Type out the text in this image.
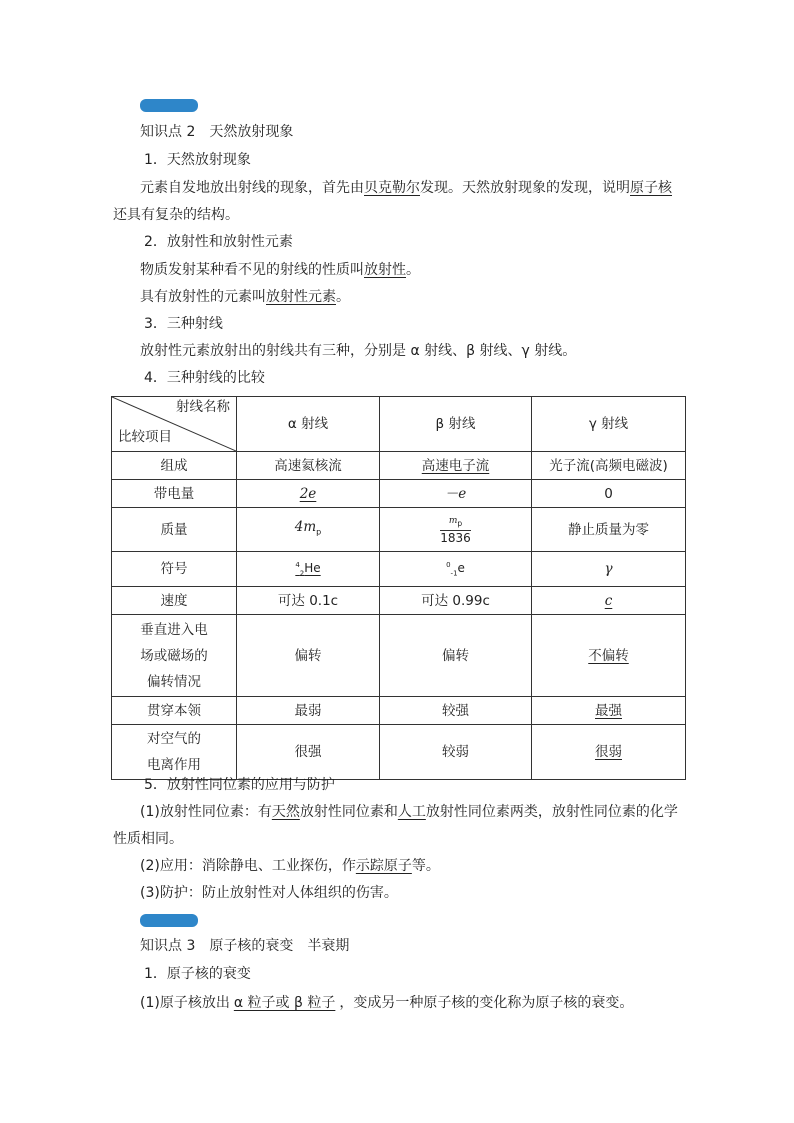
知识点 2　天然放射现象
1．天然放射现象
元素自发地放出射线的现象，首先由贝克勒尔发现。天然放射现象的发现，说明原子核
还具有复杂的结构。
2．放射性和放射性元素
物质发射某种看不见的射线的性质叫放射性。
具有放射性的元素叫放射性元素。
3．三种射线
放射性元素放射出的射线共有三种，分别是 α 射线、β 射线、γ 射线。
4．三种射线的比较
射线名称
比较项目	α 射线	β 射线	γ 射线
组成	高速氦核流	高速电子流	光子流(高频电磁波)
带电量	2e	－e	0
质量	$4m_p$	$\frac{m_p}{1836}$	静止质量为零
符号	$^4_2$He	$^0_{-1}$e	γ
速度	可达 0.1c	可达 0.99c	c

垂直进入电
场或磁场的
偏转情况	偏转	偏转	不偏转
贯穿本领	最弱	较强	最强

对空气的
电离作用	很强	较弱	很弱
5．放射性同位素的应用与防护
(1)放射性同位素：有天然放射性同位素和人工放射性同位素两类，放射性同位素的化学
性质相同。
(2)应用：消除静电、工业探伤，作示踪原子等。
(3)防护：防止放射性对人体组织的伤害。
知识点 3　原子核的衰变　半衰期
1．原子核的衰变
(1)原子核放出 α 粒子或 β 粒子 ，变成另一种原子核的变化称为原子核的衰变。
